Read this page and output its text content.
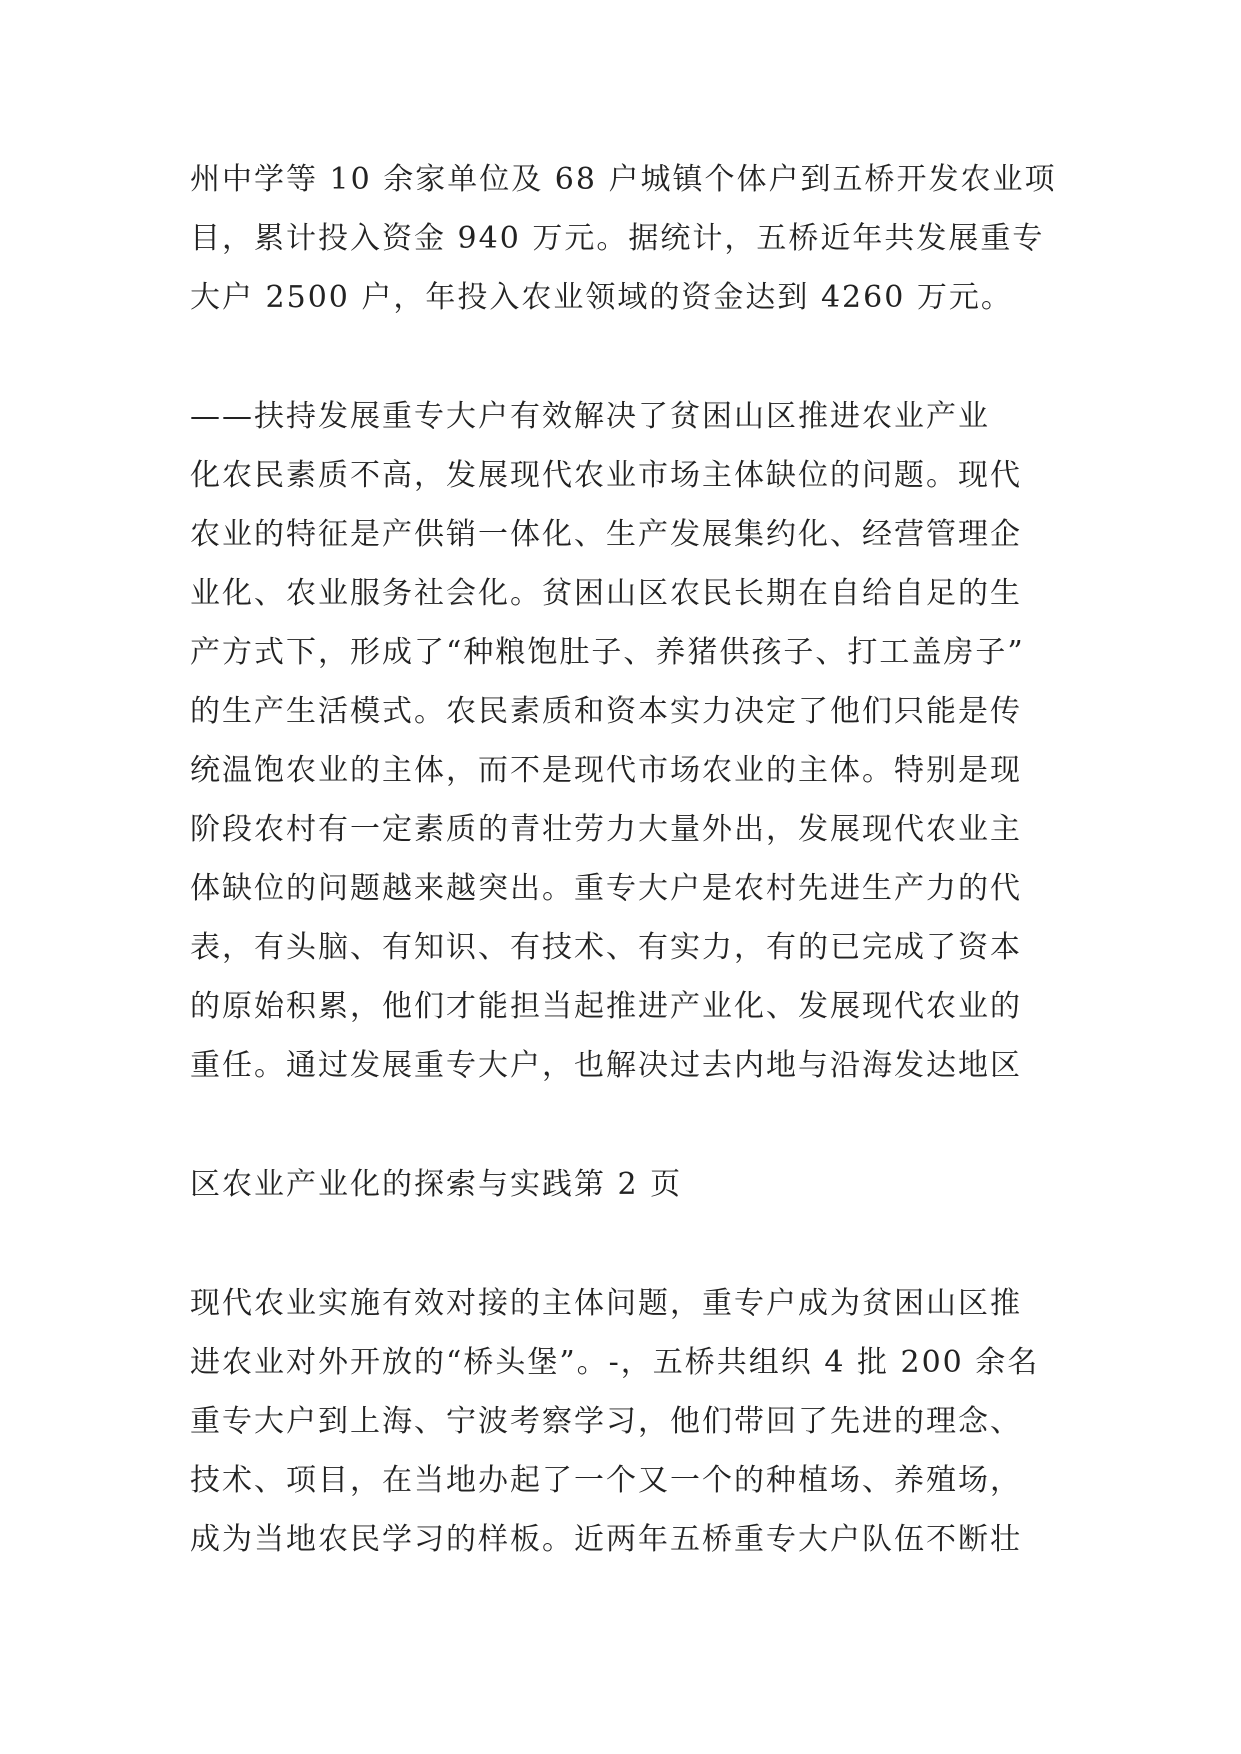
州中学等 10 余家单位及 68 户城镇个体户到五桥开发农业项
目，累计投入资金 940 万元。据统计，五桥近年共发展重专
大户 2500 户，年投入农业领域的资金达到 4260 万元。
——扶持发展重专大户有效解决了贫困山区推进农业产业
化农民素质不高，发展现代农业市场主体缺位的问题。现代
农业的特征是产供销一体化、生产发展集约化、经营管理企
业化、农业服务社会化。贫困山区农民长期在自给自足的生
产方式下，形成了“种粮饱肚子、养猪供孩子、打工盖房子”
的生产生活模式。农民素质和资本实力决定了他们只能是传
统温饱农业的主体，而不是现代市场农业的主体。特别是现
阶段农村有一定素质的青壮劳力大量外出，发展现代农业主
体缺位的问题越来越突出。重专大户是农村先进生产力的代
表，有头脑、有知识、有技术、有实力，有的已完成了资本
的原始积累，他们才能担当起推进产业化、发展现代农业的
重任。通过发展重专大户，也解决过去内地与沿海发达地区
区农业产业化的探索与实践第 2 页
现代农业实施有效对接的主体问题，重专户成为贫困山区推
进农业对外开放的“桥头堡”。-，五桥共组织 4 批 200 余名
重专大户到上海、宁波考察学习，他们带回了先进的理念、
技术、项目，在当地办起了一个又一个的种植场、养殖场，
成为当地农民学习的样板。近两年五桥重专大户队伍不断壮
